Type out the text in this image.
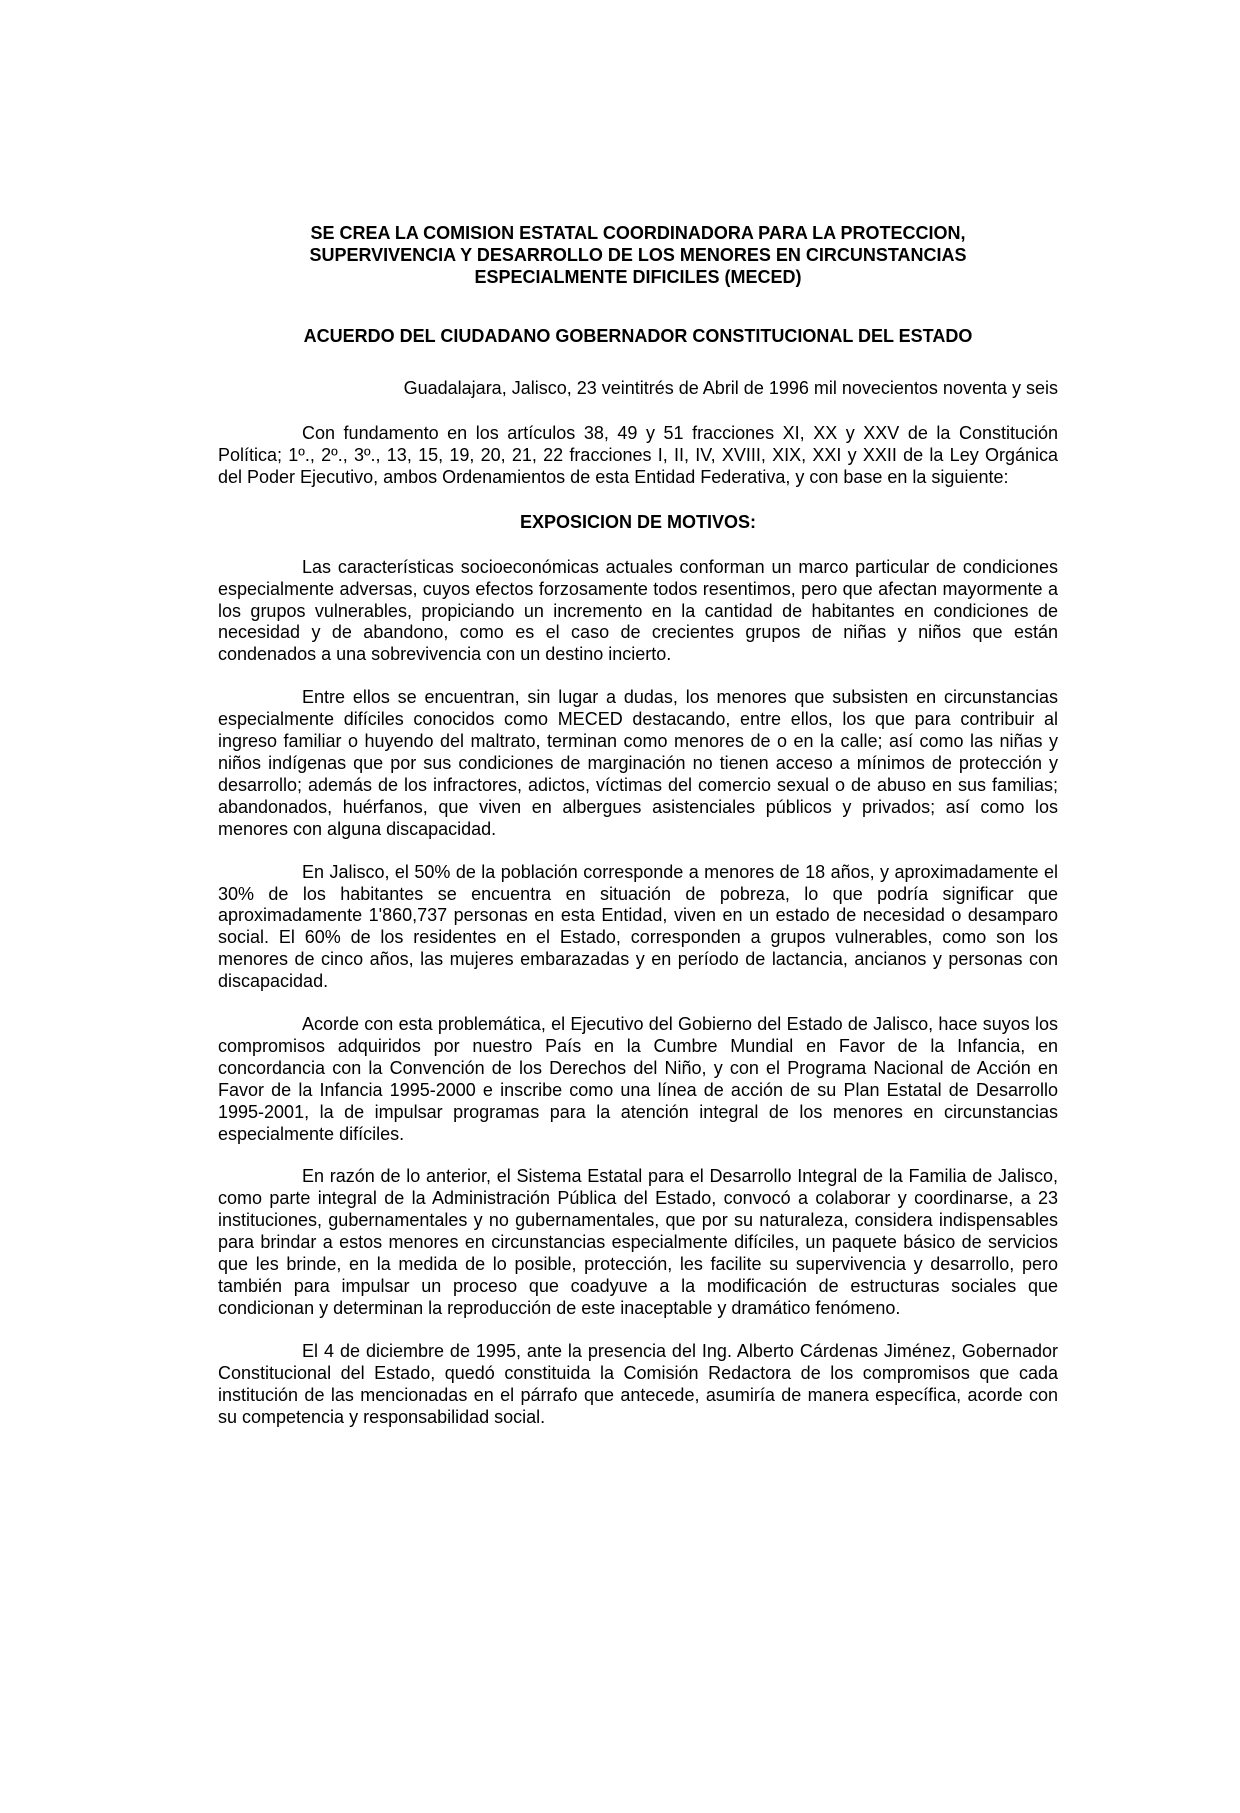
SE CREA LA COMISION ESTATAL COORDINADORA PARA LA PROTECCION,
SUPERVIVENCIA Y DESARROLLO DE LOS MENORES EN CIRCUNSTANCIAS
ESPECIALMENTE DIFICILES (MECED)
ACUERDO DEL CIUDADANO GOBERNADOR CONSTITUCIONAL DEL ESTADO

Guadalajara, Jalisco, 23 veintitrés de Abril de 1996 mil novecientos noventa y seis

Con fundamento en los artículos 38, 49 y 51 fracciones XI, XX y XXV de la Constitución Política; 1º., 2º., 3º., 13, 15, 19, 20, 21, 22 fracciones I, II, IV, XVIII, XIX, XXI y XXII de la Ley Orgánica del Poder Ejecutivo, ambos Ordenamientos de esta Entidad Federativa, y con base en la siguiente:

EXPOSICION DE MOTIVOS:

Las características socioeconómicas actuales conforman un marco particular de condiciones especialmente adversas, cuyos efectos forzosamente todos resentimos, pero que afectan mayormente a los grupos vulnerables, propiciando un incremento en la cantidad de habitantes en condiciones de necesidad y de abandono, como es el caso de crecientes grupos de niñas y niños que están condenados a una sobrevivencia con un destino incierto.

Entre ellos se encuentran, sin lugar a dudas, los menores que subsisten en circunstancias especialmente difíciles conocidos como MECED destacando, entre ellos, los que para contribuir al ingreso familiar o huyendo del maltrato, terminan como menores de o en la calle; así como las niñas y niños indígenas que por sus condiciones de marginación no tienen acceso a mínimos de protección y desarrollo; además de los infractores, adictos, víctimas del comercio sexual o de abuso en sus familias; abandonados, huérfanos, que viven en albergues asistenciales públicos y privados; así como los menores con alguna discapacidad.

En Jalisco, el 50% de la población corresponde a menores de 18 años, y aproximadamente el 30% de los habitantes se encuentra en situación de pobreza, lo que podría significar que aproximadamente 1'860,737 personas en esta Entidad, viven en un estado de necesidad o desamparo social. El 60% de los residentes en el Estado, corresponden a grupos vulnerables, como son los menores de cinco años, las mujeres embarazadas y en período de lactancia, ancianos y personas con discapacidad.

Acorde con esta problemática, el Ejecutivo del Gobierno del Estado de Jalisco, hace suyos los compromisos adquiridos por nuestro País en la Cumbre Mundial en Favor de la Infancia, en concordancia con la Convención de los Derechos del Niño, y con el Programa Nacional de Acción en Favor de la Infancia 1995-2000 e inscribe como una línea de acción de su Plan Estatal de Desarrollo 1995-2001, la de impulsar programas para la atención integral de los menores en circunstancias especialmente difíciles.

En razón de lo anterior, el Sistema Estatal para el Desarrollo Integral de la Familia de Jalisco, como parte integral de la Administración Pública del Estado, convocó a colaborar y coordinarse, a 23 instituciones, gubernamentales y no gubernamentales, que por su naturaleza, considera indispensables para brindar a estos menores en circunstancias especialmente difíciles, un paquete básico de servicios que les brinde, en la medida de lo posible, protección, les facilite su supervivencia y desarrollo, pero también para impulsar un proceso que coadyuve a la modificación de estructuras sociales que condicionan y determinan la reproducción de este inaceptable y dramático fenómeno.

El 4 de diciembre de 1995, ante la presencia del Ing. Alberto Cárdenas Jiménez, Gobernador Constitucional del Estado, quedó constituida la Comisión Redactora de los compromisos que cada institución de las mencionadas en el párrafo que antecede, asumiría de manera específica, acorde con su competencia y responsabilidad social.
